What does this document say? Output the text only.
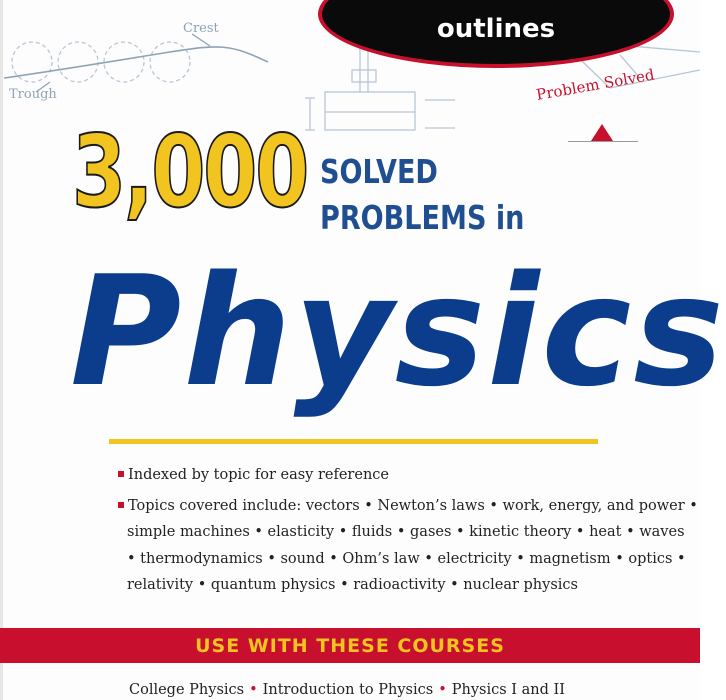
Crest
Trough
outlines
Problem Solved
3,000 SOLVED
PROBLEMS in
Physics
Indexed by topic for easy reference
Topics covered include: vectors • Newton’s laws • work, energy, and power •
simple machines • elasticity • fluids • gases • kinetic theory • heat • waves
• thermodynamics • sound • Ohm’s law • electricity • magnetism • optics •
relativity • quantum physics • radioactivity • nuclear physics
USE WITH THESE COURSES
College Physics • Introduction to Physics • Physics I and II
